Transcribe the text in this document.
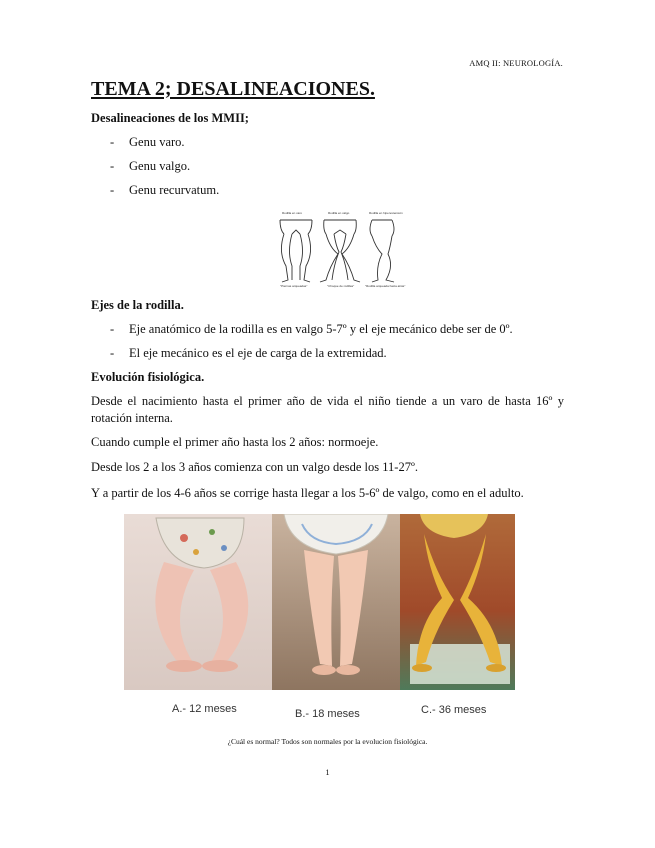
AMQ II: NEUROLOGÍA.
TEMA 2; DESALINEACIONES.
Desalineaciones de los MMII;
- Genu varo.
- Genu valgo.
- Genu recurvatum.
Rodilla en varo	Rodilla en valgo	Rodilla en hiperextensión
"Piernas arqueadas"	"Choque de rodillas"	"Rodilla arqueada hacia atrás"
Ejes de la rodilla.
- Eje anatómico de la rodilla es en valgo 5-7º y el eje mecánico debe ser de 0º.
- El eje mecánico es el eje de carga de la extremidad.
Evolución fisiológica.

Desde el nacimiento hasta el primer año de vida el niño tiende a un varo de hasta 16º y rotación interna.

Cuando cumple el primer año hasta los 2 años: normoeje.

Desde los 2 a los 3 años comienza con un valgo desde los 11-27º.

Y a partir de los 4-6 años se corrige hasta llegar a los 5-6º de valgo, como en el adulto.

A.- 12 meses	B.- 18 meses	C.- 36 meses
¿Cuál es normal? Todos son normales por la evolucion fisiológica.
1
